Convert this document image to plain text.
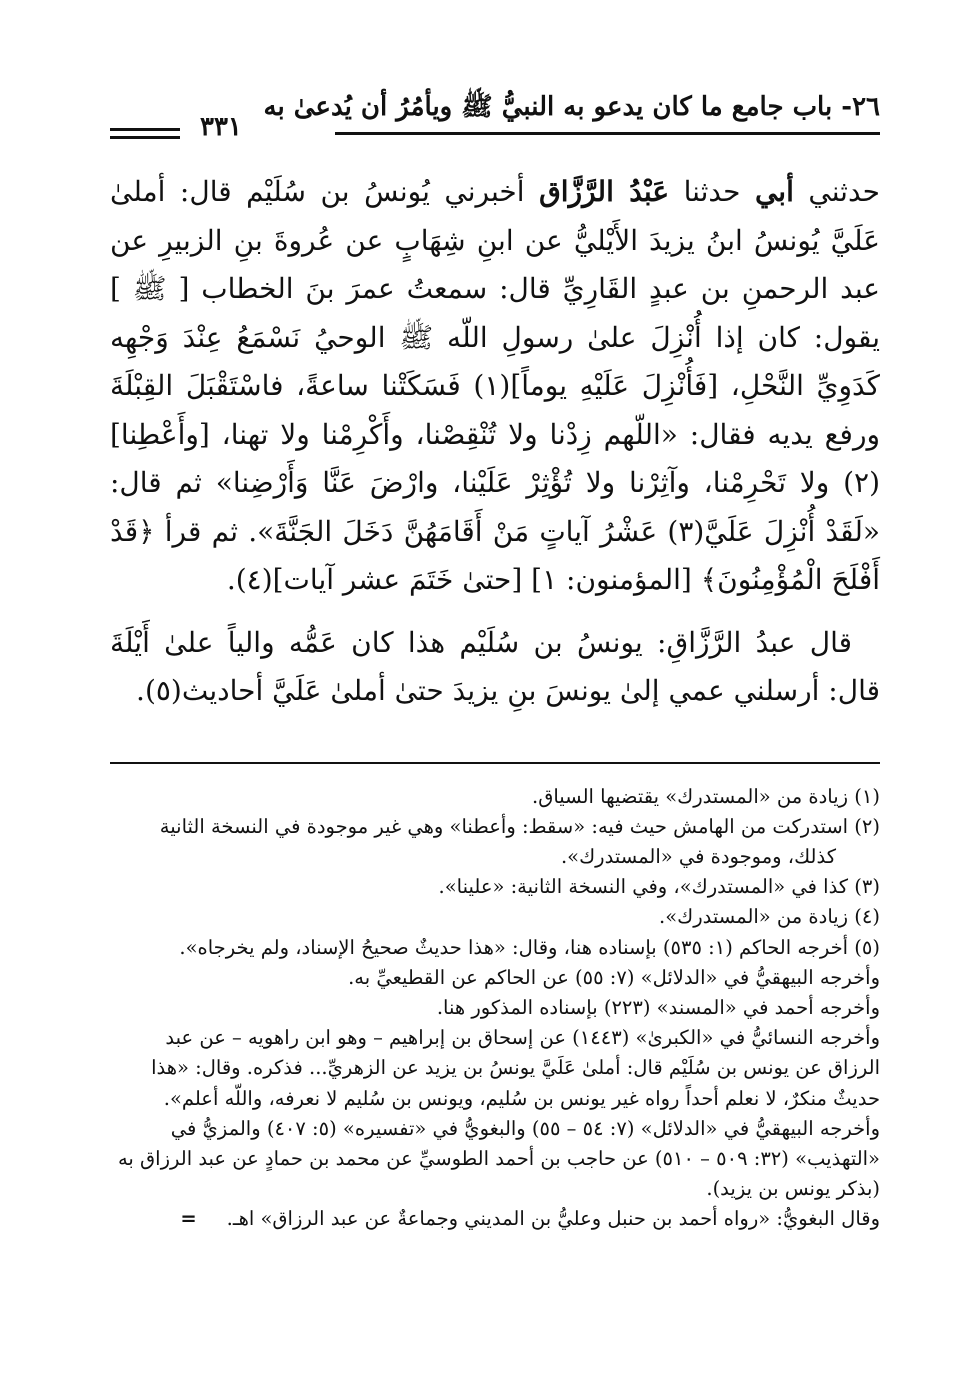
٢٦- باب جامع ما كان يدعو به النبيُّ ﷺ ويأمُرُ أن يُدعىٰ به
٣٣١

حدثني أبي حدثنا عَبْدُ الرَّزَّاق أخبرني يُونسُ بن سُلَيْم قال: أملىٰ عَلَيَّ يُونسُ ابنُ يزيدَ الأَيْليُّ عن ابنِ شِهَابٍ عن عُروةَ بنِ الزبيرِ عن عبد الرحمنِ بن عبدٍ القَارِيِّ قال: سمعتُ عمرَ بنَ الخطاب [ ﷺ ] يقول: كان إذا أُنْزِلَ علىٰ رسولِ اللّه ﷺ الوحيُ نَسْمَعُ عِنْدَ وَجْهِه كَدَوِيِّ النَّحْلِ، [فَأُنْزِلَ عَلَيْهِ يوماً](١) فَسَكَتْنا ساعةً، فاسْتَقْبَلَ القِبْلَةَ ورفع يديه فقال: «اللّهم زِدْنا ولا تُنْقِصْنا، وأَكْرِمْنا ولا تهنا، [وأَعْطِنا](٢) ولا تَحْرِمْنا، وآثِرْنا ولا تُؤْثِرْ عَلَيْنا، وارْضَ عَنَّا وَأَرْضِنا» ثم قال: «لَقَدْ أُنْزِلَ عَلَيَّ(٣) عَشْرُ آياتٍ مَنْ أَقَامَهُنَّ دَخَلَ الجَنَّةَ». ثم قرأ ﴿قَدْ أَفْلَحَ الْمُؤْمِنُونَ﴾ [المؤمنون: ١] [حتىٰ خَتَمَ عشر آيات](٤).

قال عبدُ الرَّزَّاقِ: يونسُ بن سُلَيْم هذا كان عَمُّه والياً علىٰ أَيْلَةَ قال: أرسلني عمي إلىٰ يونسَ بنِ يزيدَ حتىٰ أملىٰ عَلَيَّ أحاديث(٥).

(١) زيادة من «المستدرك» يقتضيها السياق.

(٢) استدركت من الهامش حيث فيه: «سقط: وأعطنا» وهي غير موجودة في النسخة الثانية

كذلك، وموجودة في «المستدرك».

(٣) كذا في «المستدرك»، وفي النسخة الثانية: «علينا».

(٤) زيادة من «المستدرك».

(٥) أخرجه الحاكم (١: ٥٣٥) بإسناده هنا، وقال: «هذا حديثٌ صحيحُ الإسناد، ولم يخرجاه».

وأخرجه البيهقيُّ في «الدلائل» (٧: ٥٥) عن الحاكم عن القطيعيِّ به.

وأخرجه أحمد في «المسند» (٢٢٣) بإسناده المذكور هنا.

وأخرجه النسائيُّ في «الكبرىٰ» (١٤٤٣) عن إسحاق بن إبراهيم – وهو ابن راهويه – عن عبد الرزاق عن يونس بن سُلَيْم قال: أملىٰ عَلَيَّ يونسُ بن يزيد عن الزهريِّ... فذكره. وقال: «هذا حديثٌ منكرٌ، لا نعلم أحداً رواه غير يونس بن سُليم، ويونس بن سُليم لا نعرفه، واللّه أعلم».

وأخرجه البيهقيُّ في «الدلائل» (٧: ٥٤ – ٥٥) والبغويُّ في «تفسيره» (٥: ٤٠٧) والمزيُّ في «التهذيب» (٣٢: ٥٠٩ – ٥١٠) عن حاجب بن أحمد الطوسيِّ عن محمد بن حمادٍ عن عبد الرزاق به (بذكر يونس بن يزيد).

وقال البغويُّ: «رواه أحمد بن حنبل وعليُّ بن المديني وجماعةٌ عن عبد الرزاق» اهـ.=
